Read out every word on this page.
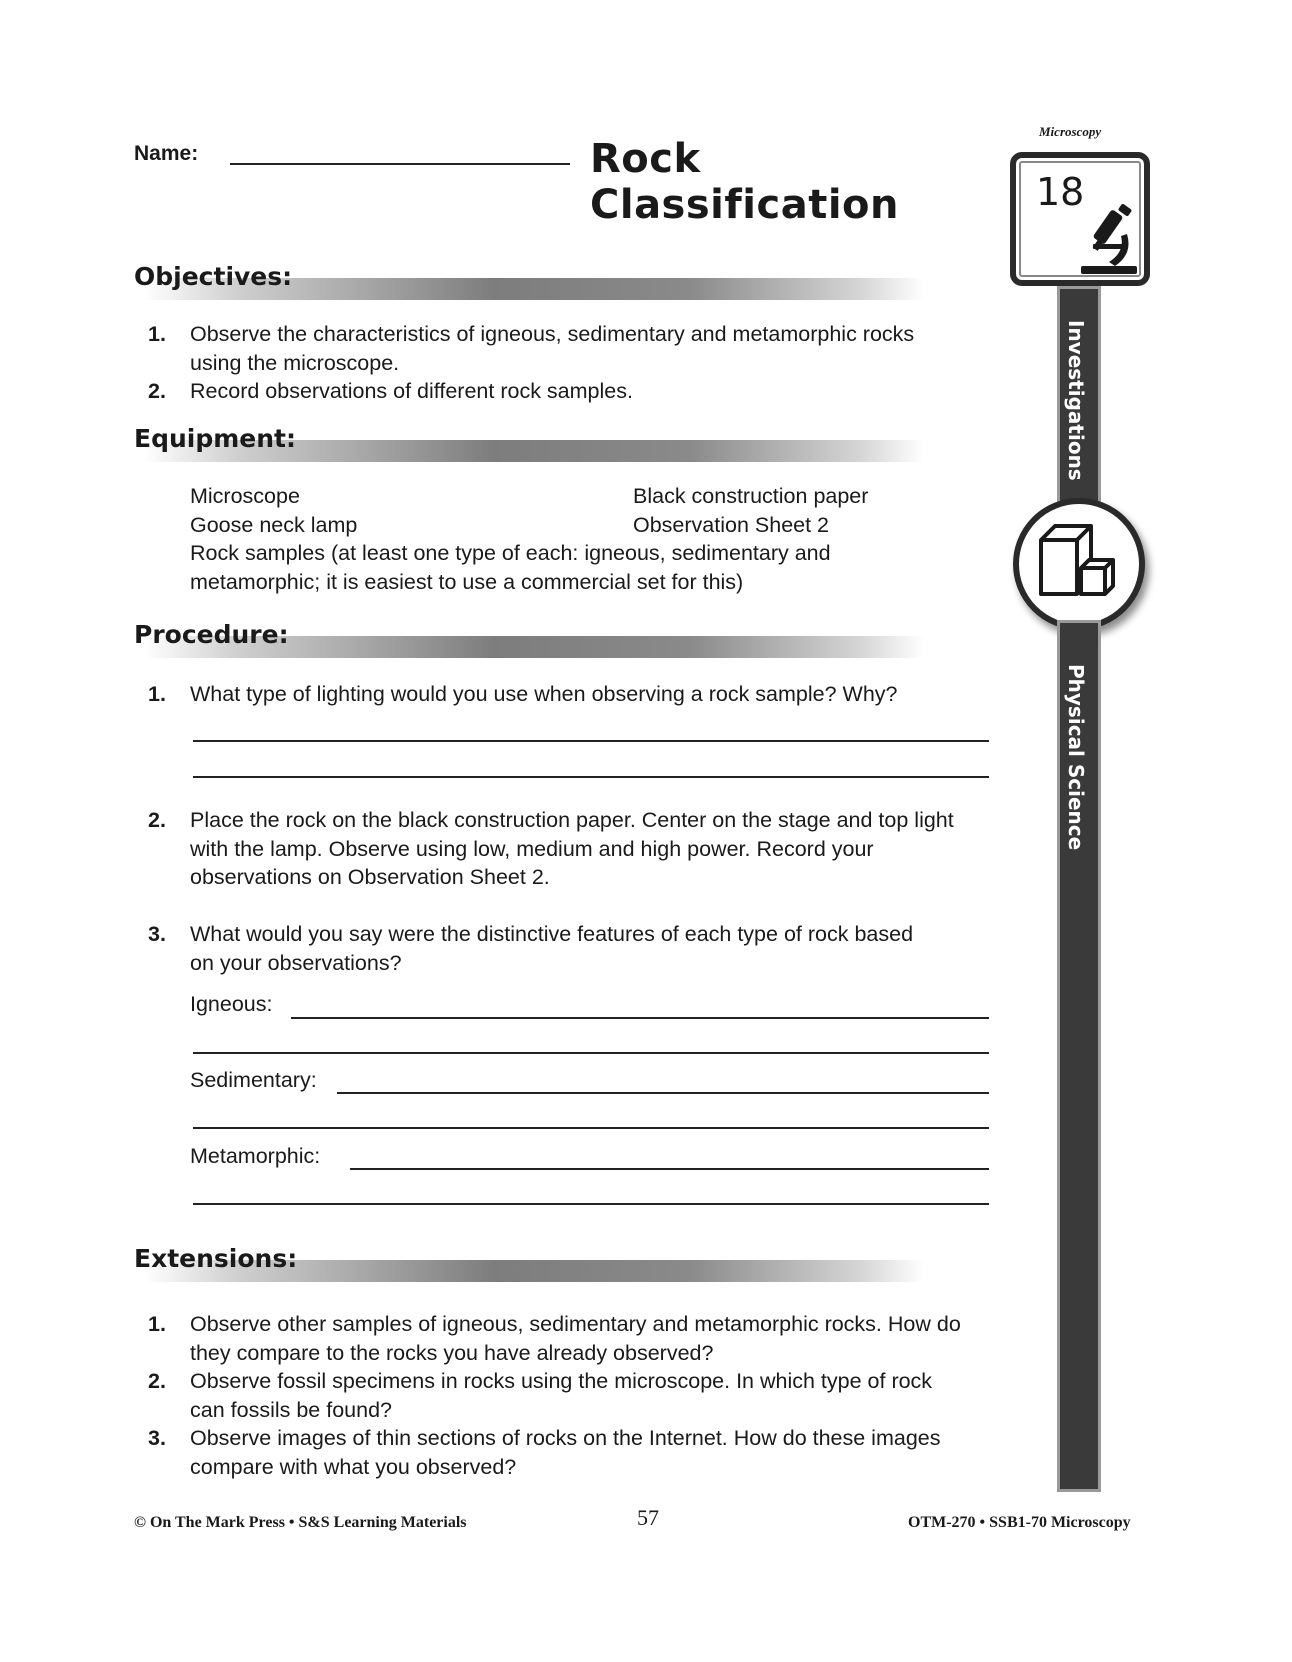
Name:	Rock
Classification
Microscopy
18
Investigations
Physical Science
Objectives:
1.	Observe the characteristics of igneous, sedimentary and metamorphic rocks using the microscope.
2.	Record observations of different rock samples.
Equipment:
Microscope	Black construction paper
Goose neck lamp	Observation Sheet 2
Rock samples (at least one type of each: igneous, sedimentary and metamorphic; it is easiest to use a commercial set for this)
Procedure:
1.	What type of lighting would you use when observing a rock sample? Why?
2.	Place the rock on the black construction paper. Center on the stage and top light with the lamp. Observe using low, medium and high power. Record your observations on Observation Sheet 2.
3.	What would you say were the distinctive features of each type of rock based on your observations?
Igneous:
Sedimentary:
Metamorphic:
Extensions:
1.	Observe other samples of igneous, sedimentary and metamorphic rocks. How do they compare to the rocks you have already observed?
2.	Observe fossil specimens in rocks using the microscope. In which type of rock can fossils be found?
3.	Observe images of thin sections of rocks on the Internet. How do these images compare with what you observed?
© On The Mark Press • S&S Learning Materials	57	OTM-270 • SSB1-70 Microscopy
